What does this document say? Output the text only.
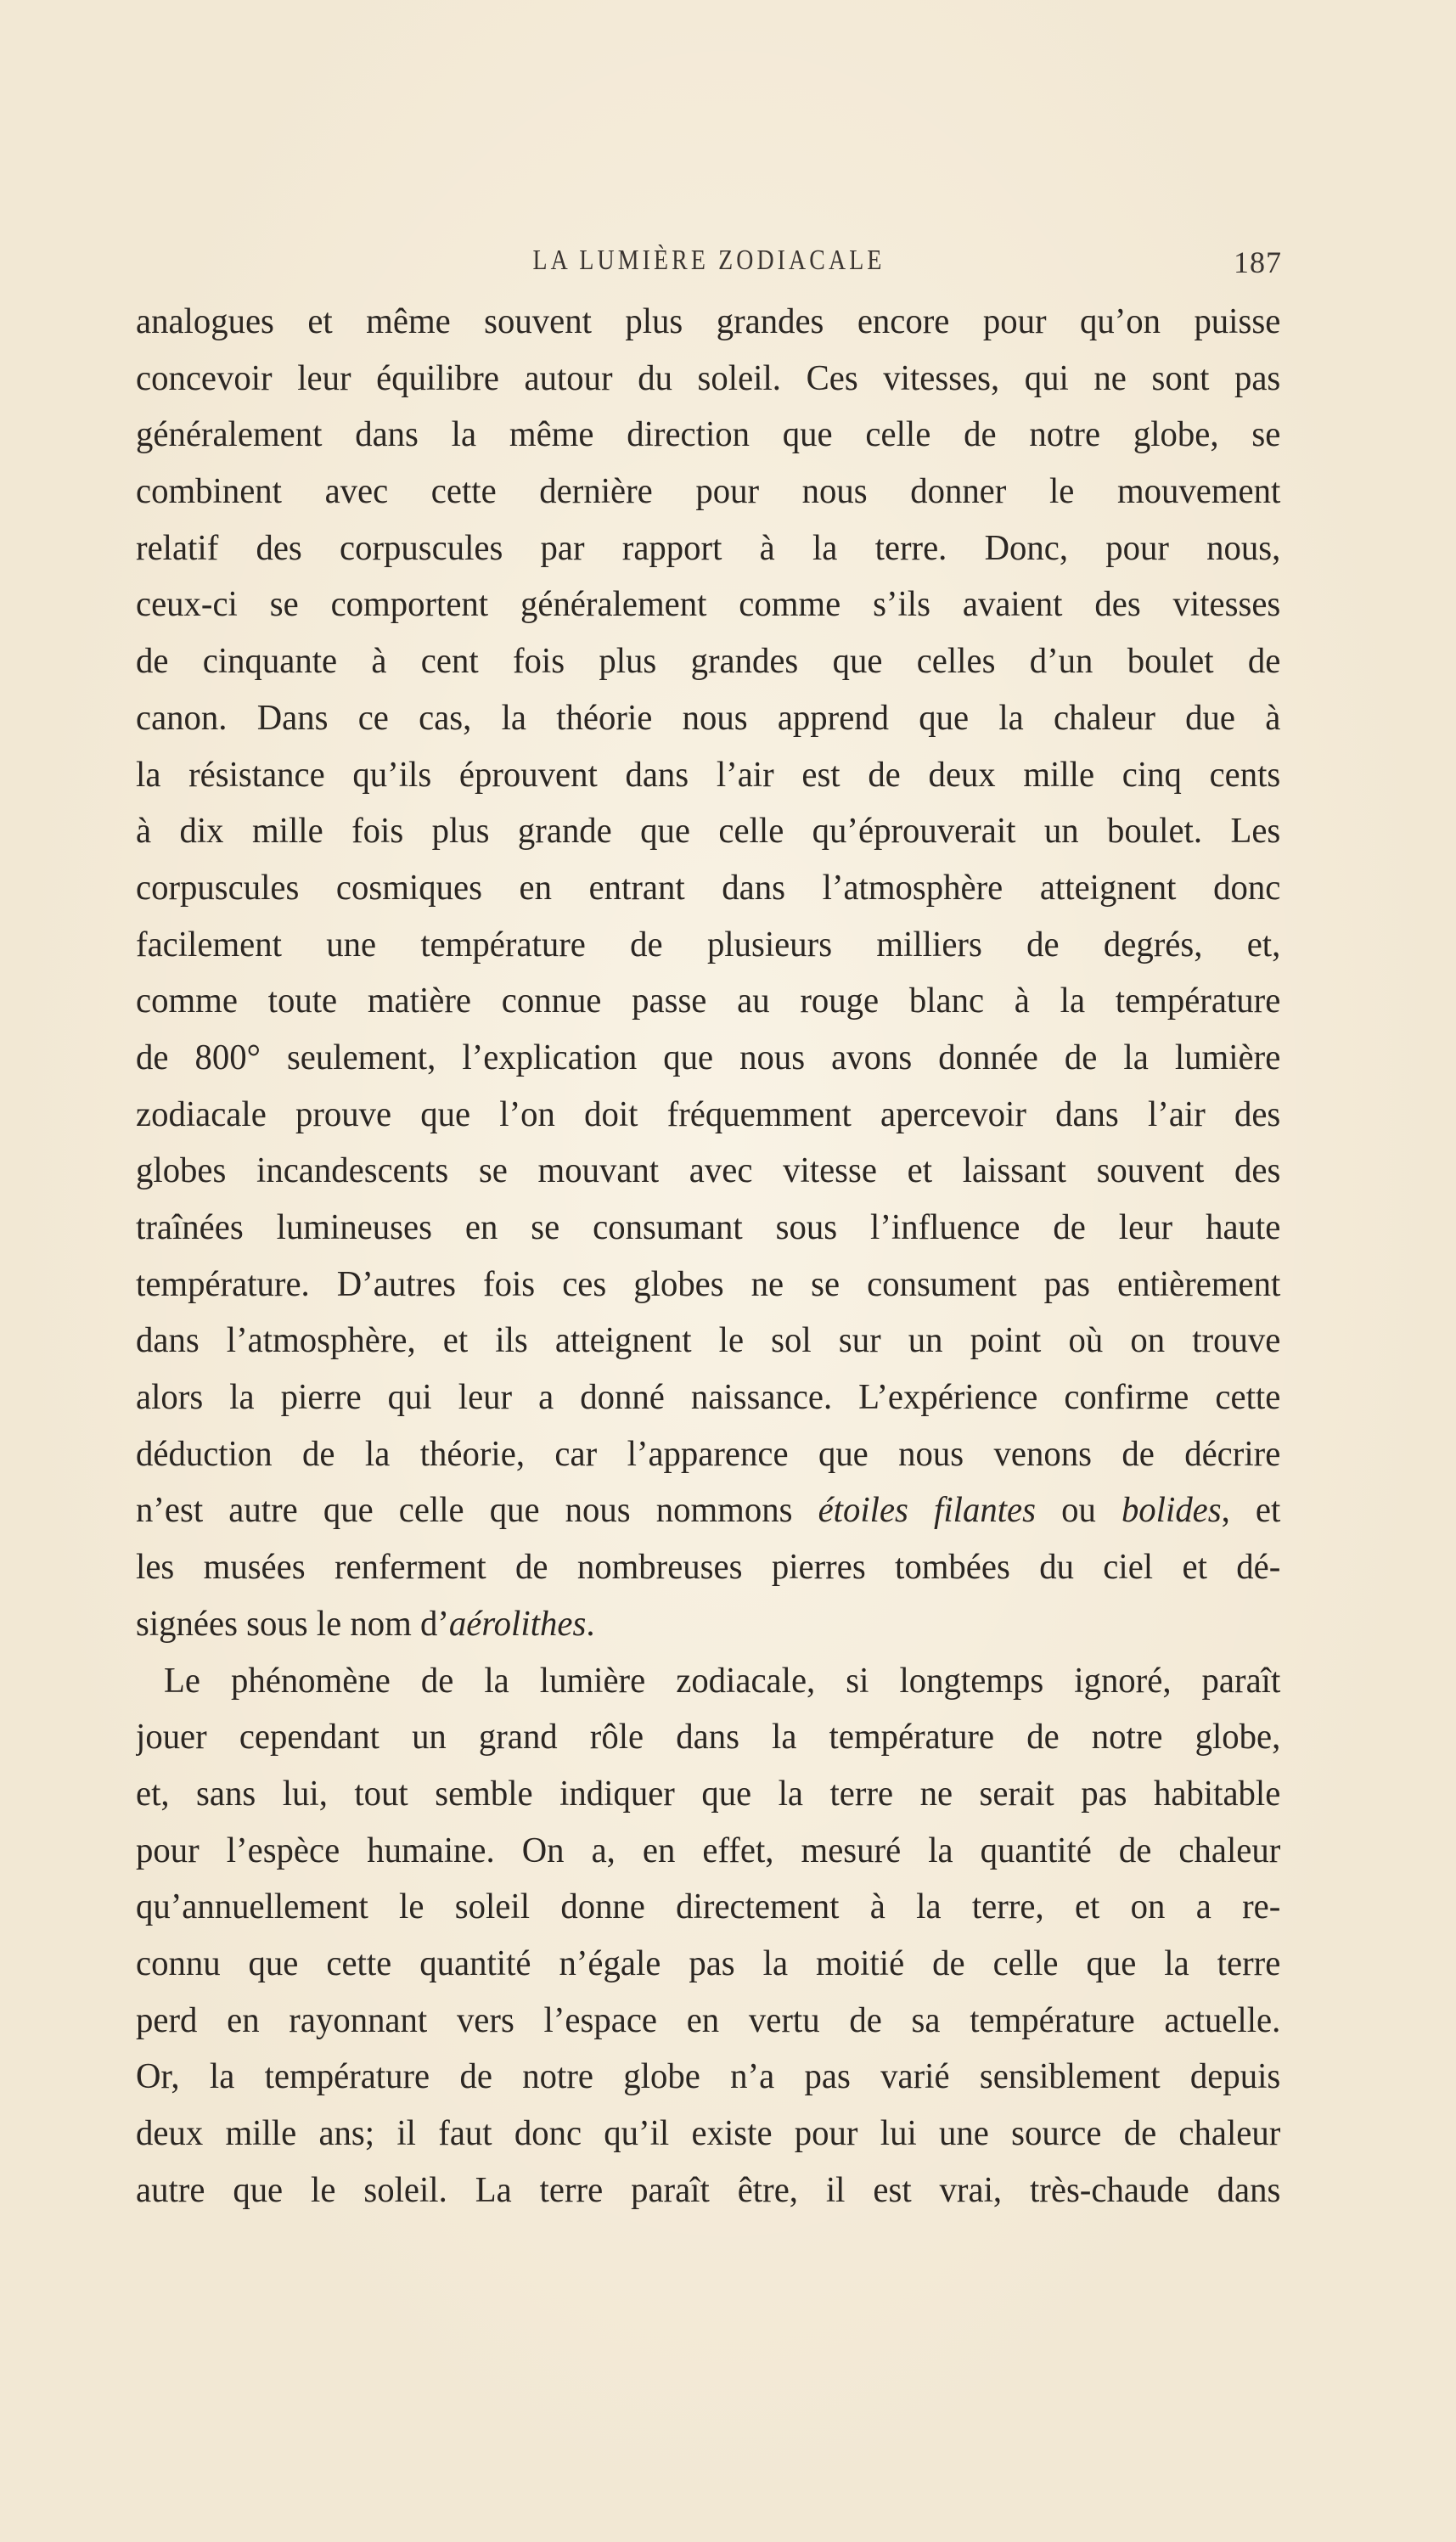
LA LUMIÈRE ZODIACALE	187
analogues et même souvent plus grandes encore pour qu’on puisse
concevoir leur équilibre autour du soleil. Ces vitesses, qui ne sont pas
généralement dans la même direction que celle de notre globe, se
combinent avec cette dernière pour nous donner le mouvement
relatif des corpuscules par rapport à la terre. Donc, pour nous,
ceux-ci se comportent généralement comme s’ils avaient des vitesses
de cinquante à cent fois plus grandes que celles d’un boulet de
canon. Dans ce cas, la théorie nous apprend que la chaleur due à
la résistance qu’ils éprouvent dans l’air est de deux mille cinq cents
à dix mille fois plus grande que celle qu’éprouverait un boulet. Les
corpuscules cosmiques en entrant dans l’atmosphère atteignent donc
facilement une température de plusieurs milliers de degrés, et,
comme toute matière connue passe au rouge blanc à la température
de 800° seulement, l’explication que nous avons donnée de la lumière
zodiacale prouve que l’on doit fréquemment apercevoir dans l’air des
globes incandescents se mouvant avec vitesse et laissant souvent des
traînées lumineuses en se consumant sous l’influence de leur haute
température. D’autres fois ces globes ne se consument pas entièrement
dans l’atmosphère, et ils atteignent le sol sur un point où on trouve
alors la pierre qui leur a donné naissance. L’expérience confirme cette
déduction de la théorie, car l’apparence que nous venons de décrire
n’est autre que celle que nous nommons étoiles filantes ou bolides, et
les musées renferment de nombreuses pierres tombées du ciel et dé-
signées sous le nom d’aérolithes.
Le phénomène de la lumière zodiacale, si longtemps ignoré, paraît
jouer cependant un grand rôle dans la température de notre globe,
et, sans lui, tout semble indiquer que la terre ne serait pas habitable
pour l’espèce humaine. On a, en effet, mesuré la quantité de chaleur
qu’annuellement le soleil donne directement à la terre, et on a re-
connu que cette quantité n’égale pas la moitié de celle que la terre
perd en rayonnant vers l’espace en vertu de sa température actuelle.
Or, la température de notre globe n’a pas varié sensiblement depuis
deux mille ans; il faut donc qu’il existe pour lui une source de chaleur
autre que le soleil. La terre paraît être, il est vrai, très-chaude dans
